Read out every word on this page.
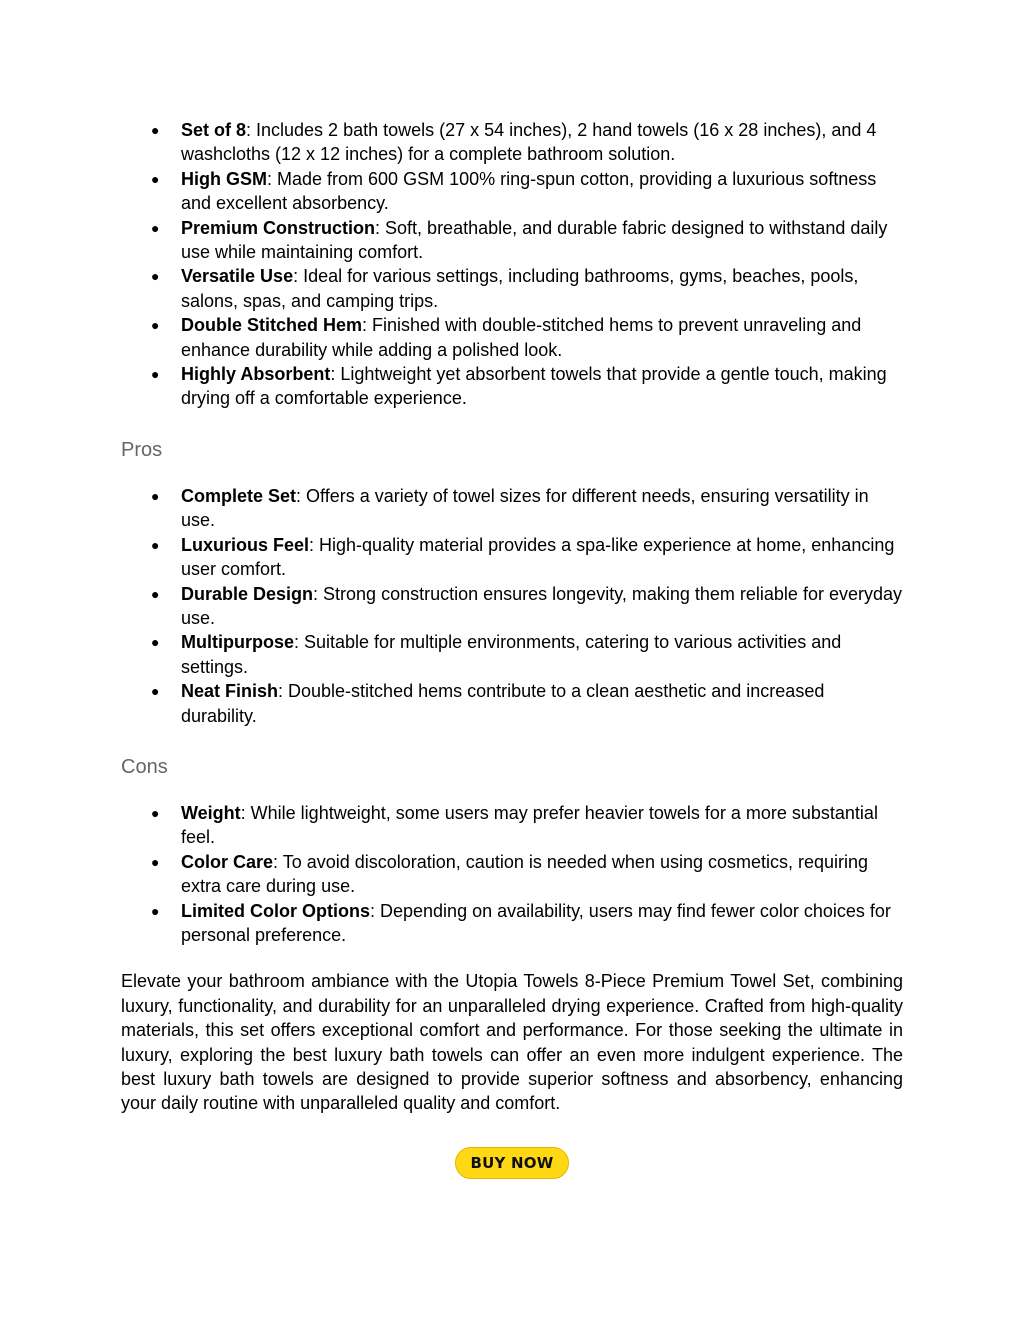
● Set of 8: Includes 2 bath towels (27 x 54 inches), 2 hand towels (16 x 28 inches), and 4 washcloths (12 x 12 inches) for a complete bathroom solution.
● High GSM: Made from 600 GSM 100% ring-spun cotton, providing a luxurious softness and excellent absorbency.
● Premium Construction: Soft, breathable, and durable fabric designed to withstand daily use while maintaining comfort.
● Versatile Use: Ideal for various settings, including bathrooms, gyms, beaches, pools, salons, spas, and camping trips.
● Double Stitched Hem: Finished with double-stitched hems to prevent unraveling and enhance durability while adding a polished look.
● Highly Absorbent: Lightweight yet absorbent towels that provide a gentle touch, making drying off a comfortable experience.
Pros
● Complete Set: Offers a variety of towel sizes for different needs, ensuring versatility in use.
● Luxurious Feel: High-quality material provides a spa-like experience at home, enhancing user comfort.
● Durable Design: Strong construction ensures longevity, making them reliable for everyday use.
● Multipurpose: Suitable for multiple environments, catering to various activities and settings.
● Neat Finish: Double-stitched hems contribute to a clean aesthetic and increased durability.
Cons
● Weight: While lightweight, some users may prefer heavier towels for a more substantial feel.
● Color Care: To avoid discoloration, caution is needed when using cosmetics, requiring extra care during use.
● Limited Color Options: Depending on availability, users may find fewer color choices for personal preference.
Elevate your bathroom ambiance with the Utopia Towels 8-Piece Premium Towel Set, combining luxury, functionality, and durability for an unparalleled drying experience. Crafted from high-quality materials, this set offers exceptional comfort and performance. For those seeking the ultimate in luxury, exploring the best luxury bath towels can offer an even more indulgent experience. The best luxury bath towels are designed to provide superior softness and absorbency, enhancing your daily routine with unparalleled quality and comfort.
BUY NOW
